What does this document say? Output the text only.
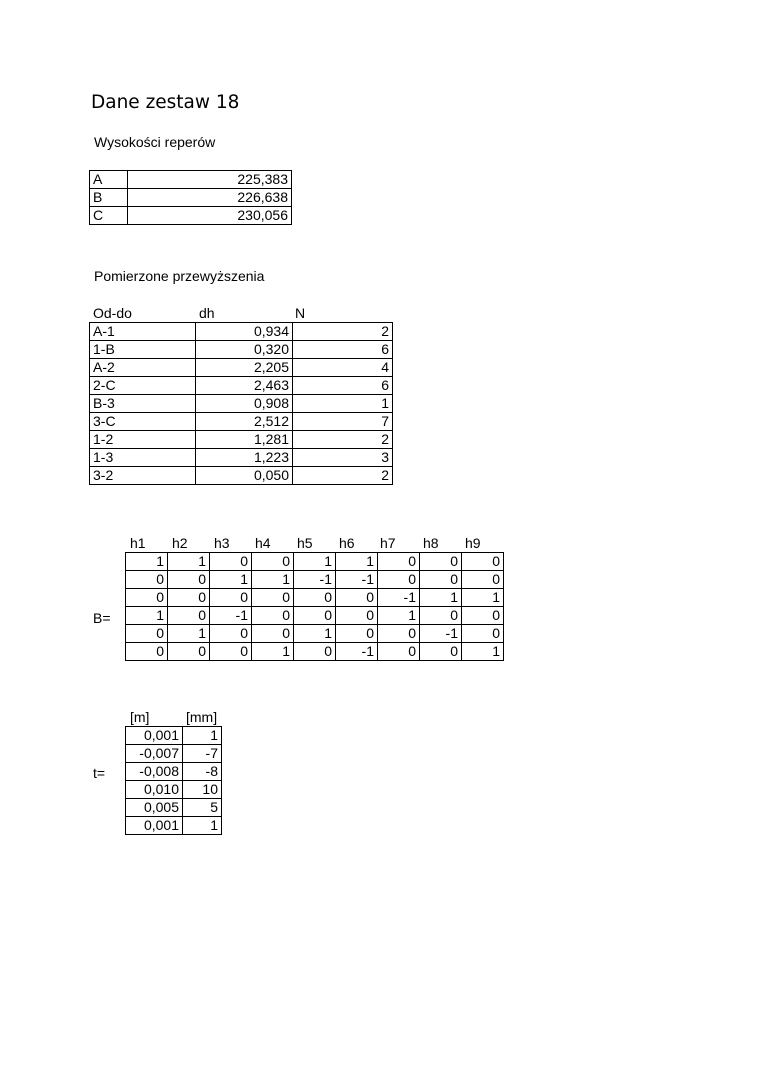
Dane zestaw 18
Wysokości reperów
A	225,383
B	226,638
C	230,056
Pomierzone przewyższenia
Od-do	dh	N
A-1	0,934	2
1-B	0,320	6
A-2	2,205	4
2-C	2,463	6
B-3	0,908	1
3-C	2,512	7
1-2	1,281	2
1-3	1,223	3
3-2	0,050	2
h1 h2 h3 h4 h5 h6 h7 h8 h9
B=
1	1	0	0	1	1	0	0	0
0	0	1	1	-1	-1	0	0	0
0	0	0	0	0	0	-1	1	1
1	0	-1	0	0	0	1	0	0
0	1	0	0	1	0	0	-1	0
0	0	0	1	0	-1	0	0	1
[m]	[mm]
t=
0,001	1
-0,007	-7
-0,008	-8
0,010	10
0,005	5
0,001	1
